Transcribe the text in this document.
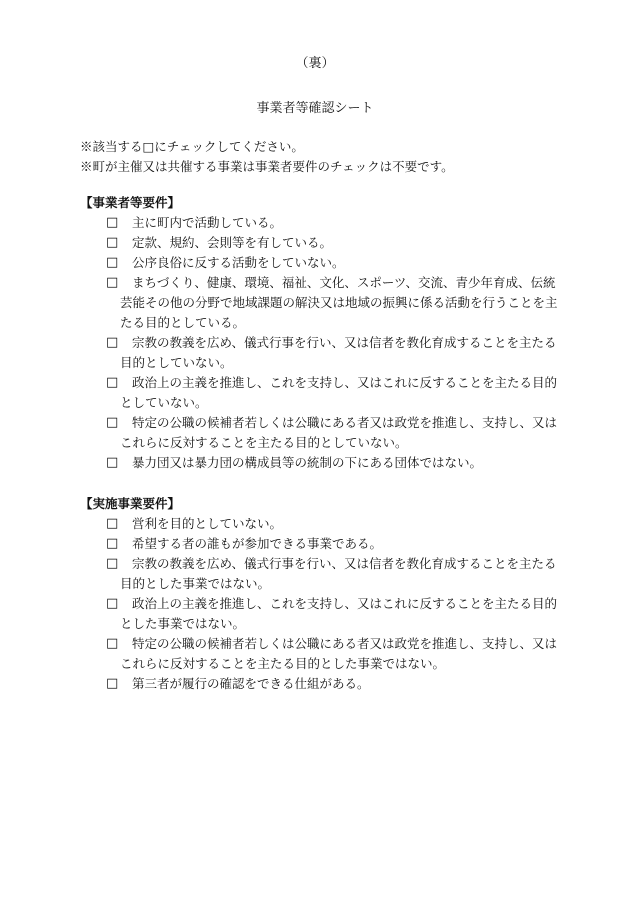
（裏）
事業者等確認シート
※該当する□にチェックしてください。
※町が主催又は共催する事業は事業者要件のチェックは不要です。
【事業者等要件】
□	主に町内で活動している。
□	定款、規約、会則等を有している。
□	公序良俗に反する活動をしていない。
□	まちづくり、健康、環境、福祉、文化、スポーツ、交流、青少年育成、伝統芸能その他の分野で地域課題の解決又は地域の振興に係る活動を行うことを主たる目的としている。
□	宗教の教義を広め、儀式行事を行い、又は信者を教化育成することを主たる目的としていない。
□	政治上の主義を推進し、これを支持し、又はこれに反することを主たる目的としていない。
□	特定の公職の候補者若しくは公職にある者又は政党を推進し、支持し、又はこれらに反対することを主たる目的としていない。
□	暴力団又は暴力団の構成員等の統制の下にある団体ではない。
【実施事業要件】
□	営利を目的としていない。
□	希望する者の誰もが参加できる事業である。
□	宗教の教義を広め、儀式行事を行い、又は信者を教化育成することを主たる目的とした事業ではない。
□	政治上の主義を推進し、これを支持し、又はこれに反することを主たる目的とした事業ではない。
□	特定の公職の候補者若しくは公職にある者又は政党を推進し、支持し、又はこれらに反対することを主たる目的とした事業ではない。
□	第三者が履行の確認をできる仕組がある。
